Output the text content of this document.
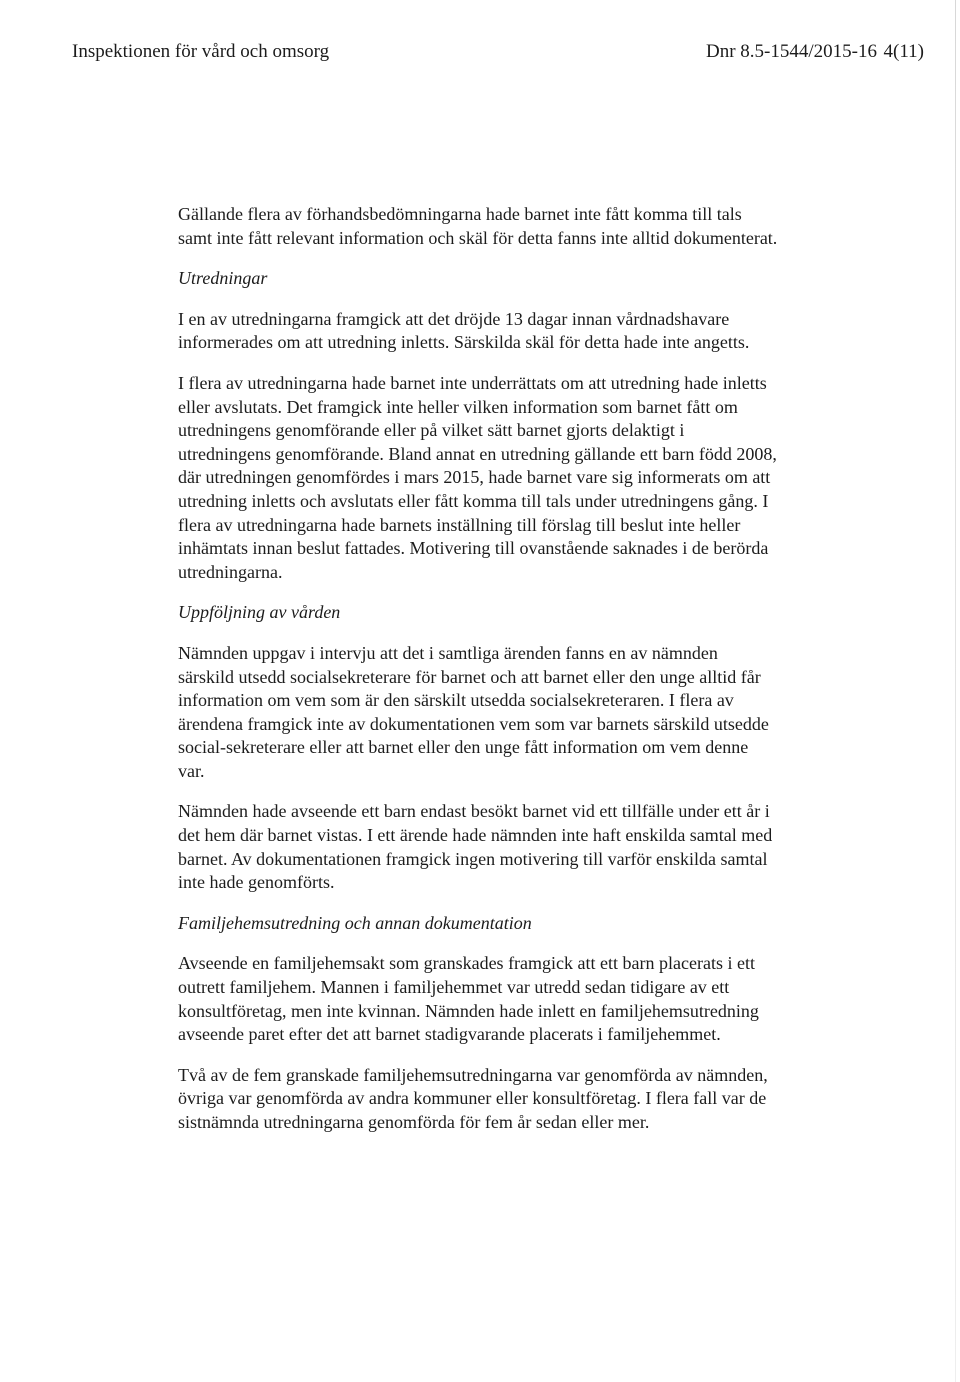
Inspektionen för vård och omsorg	Dnr 8.5-1544/2015-16 4(11)

Gällande flera av förhandsbedömningarna hade barnet inte fått komma till tals samt inte fått relevant information och skäl för detta fanns inte alltid dokumenterat.

Utredningar

I en av utredningarna framgick att det dröjde 13 dagar innan vårdnadshavare informerades om att utredning inletts. Särskilda skäl för detta hade inte angetts.

I flera av utredningarna hade barnet inte underrättats om att utredning hade inletts eller avslutats. Det framgick inte heller vilken information som barnet fått om utredningens genomförande eller på vilket sätt barnet gjorts delaktigt i utredningens genomförande. Bland annat en utredning gällande ett barn född 2008, där utredningen genomfördes i mars 2015, hade barnet vare sig informerats om att utredning inletts och avslutats eller fått komma till tals under utredningens gång. I flera av utredningarna hade barnets inställning till förslag till beslut inte heller inhämtats innan beslut fattades. Motivering till ovanstående saknades i de berörda utredningarna.

Uppföljning av vården

Nämnden uppgav i intervju att det i samtliga ärenden fanns en av nämnden särskild utsedd socialsekreterare för barnet och att barnet eller den unge alltid får information om vem som är den särskilt utsedda socialsekreteraren. I flera av ärendena framgick inte av dokumentationen vem som var barnets särskild utsedde social-sekreterare eller att barnet eller den unge fått information om vem denne var.

Nämnden hade avseende ett barn endast besökt barnet vid ett tillfälle under ett år i det hem där barnet vistas. I ett ärende hade nämnden inte haft enskilda samtal med barnet. Av dokumentationen framgick ingen motivering till varför enskilda samtal inte hade genomförts.

Familjehemsutredning och annan dokumentation

Avseende en familjehemsakt som granskades framgick att ett barn placerats i ett outrett familjehem. Mannen i familjehemmet var utredd sedan tidigare av ett konsultföretag, men inte kvinnan. Nämnden hade inlett en familjehemsutredning avseende paret efter det att barnet stadigvarande placerats i familjehemmet.

Två av de fem granskade familjehemsutredningarna var genomförda av nämnden, övriga var genomförda av andra kommuner eller konsultföretag. I flera fall var de sistnämnda utredningarna genomförda för fem år sedan eller mer.
